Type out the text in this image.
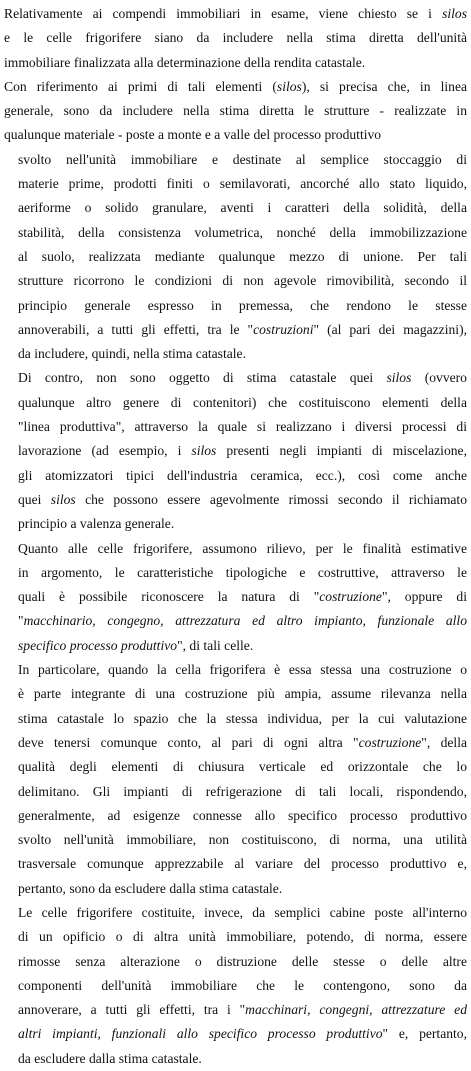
Relativamente ai compendi immobiliari in esame, viene chiesto se i silos
e le celle frigorifere siano da includere nella stima diretta dell'unità
immobiliare finalizzata alla determinazione della rendita catastale.
Con riferimento ai primi di tali elementi (silos), si precisa che, in linea
generale, sono da includere nella stima diretta le strutture - realizzate in
qualunque materiale - poste a monte e a valle del processo produttivo
svolto nell'unità immobiliare e destinate al semplice stoccaggio di
materie prime, prodotti finiti o semilavorati, ancorché allo stato liquido,
aeriforme o solido granulare, aventi i caratteri della solidità, della
stabilità, della consistenza volumetrica, nonché della immobilizzazione
al suolo, realizzata mediante qualunque mezzo di unione. Per tali
strutture ricorrono le condizioni di non agevole rimovibilità, secondo il
principio generale espresso in premessa, che rendono le stesse
annoverabili, a tutti gli effetti, tra le "costruzioni" (al pari dei magazzini),
da includere, quindi, nella stima catastale.
Di contro, non sono oggetto di stima catastale quei silos (ovvero
qualunque altro genere di contenitori) che costituiscono elementi della
"linea produttiva", attraverso la quale si realizzano i diversi processi di
lavorazione (ad esempio, i silos presenti negli impianti di miscelazione,
gli atomizzatori tipici dell'industria ceramica, ecc.), così come anche
quei silos che possono essere agevolmente rimossi secondo il richiamato
principio a valenza generale.
Quanto alle celle frigorifere, assumono rilievo, per le finalità estimative
in argomento, le caratteristiche tipologiche e costruttive, attraverso le
quali è possibile riconoscere la natura di "costruzione", oppure di
"macchinario, congegno, attrezzatura ed altro impianto, funzionale allo
specifico processo produttivo", di tali celle.
In particolare, quando la cella frigorifera è essa stessa una costruzione o
è parte integrante di una costruzione più ampia, assume rilevanza nella
stima catastale lo spazio che la stessa individua, per la cui valutazione
deve tenersi comunque conto, al pari di ogni altra "costruzione", della
qualità degli elementi di chiusura verticale ed orizzontale che lo
delimitano. Gli impianti di refrigerazione di tali locali, rispondendo,
generalmente, ad esigenze connesse allo specifico processo produttivo
svolto nell'unità immobiliare, non costituiscono, di norma, una utilità
trasversale comunque apprezzabile al variare del processo produttivo e,
pertanto, sono da escludere dalla stima catastale.
Le celle frigorifere costituite, invece, da semplici cabine poste all'interno
di un opificio o di altra unità immobiliare, potendo, di norma, essere
rimosse senza alterazione o distruzione delle stesse o delle altre
componenti dell'unità immobiliare che le contengono, sono da
annoverare, a tutti gli effetti, tra i "macchinari, congegni, attrezzature ed
altri impianti, funzionali allo specifico processo produttivo" e, pertanto,
da escludere dalla stima catastale.
